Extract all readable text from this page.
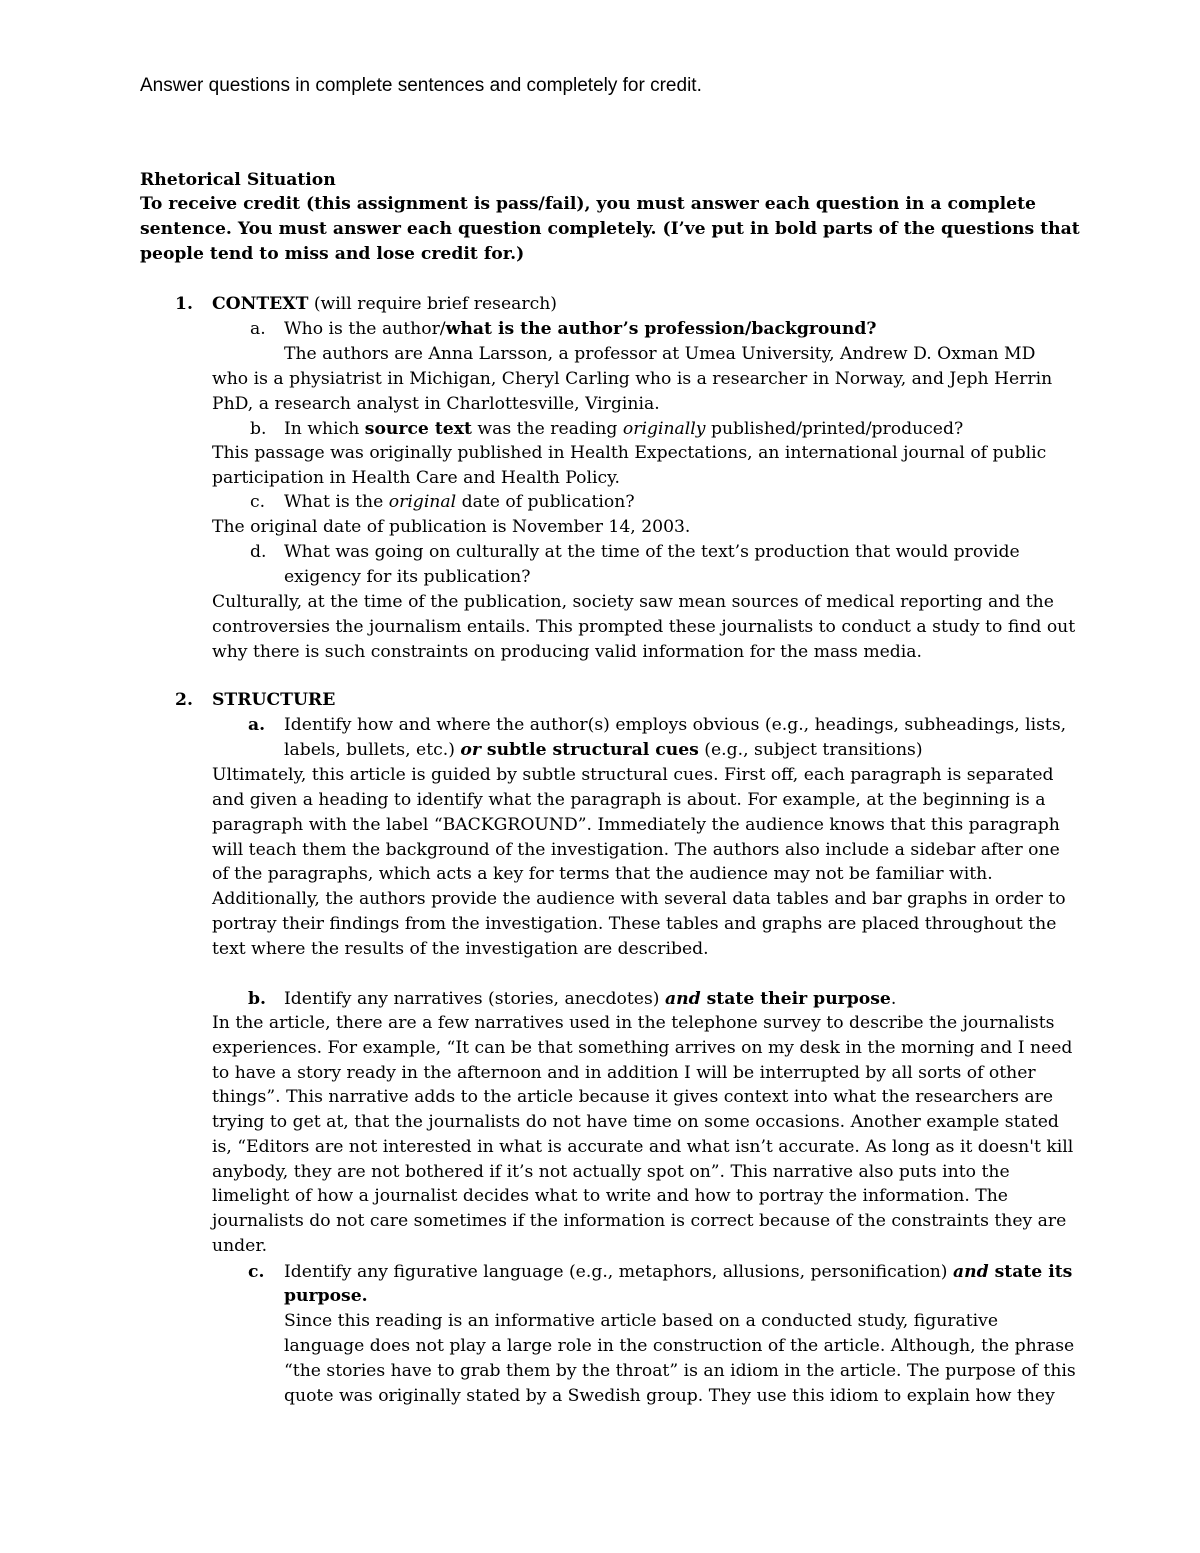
Answer questions in complete sentences and completely for credit.
Rhetorical Situation
To receive credit (this assignment is pass/fail), you must answer each question in a complete
sentence. You must answer each question completely. (I’ve put in bold parts of the questions that
people tend to miss and lose credit for.)
1. CONTEXT (will require brief research)
a. Who is the author/what is the author’s profession/background?
The authors are Anna Larsson, a professor at Umea University, Andrew D. Oxman MD
who is a physiatrist in Michigan, Cheryl Carling who is a researcher in Norway, and Jeph Herrin
PhD, a research analyst in Charlottesville, Virginia.
b. In which source text was the reading originally published/printed/produced?
This passage was originally published in Health Expectations, an international journal of public
participation in Health Care and Health Policy.
c. What is the original date of publication?
The original date of publication is November 14, 2003.
d. What was going on culturally at the time of the text’s production that would provide
exigency for its publication?
Culturally, at the time of the publication, society saw mean sources of medical reporting and the
controversies the journalism entails. This prompted these journalists to conduct a study to find out
why there is such constraints on producing valid information for the mass media.
2. STRUCTURE
a. Identify how and where the author(s) employs obvious (e.g., headings, subheadings, lists,
labels, bullets, etc.) or subtle structural cues (e.g., subject transitions)
Ultimately, this article is guided by subtle structural cues. First off, each paragraph is separated
and given a heading to identify what the paragraph is about. For example, at the beginning is a
paragraph with the label “BACKGROUND”. Immediately the audience knows that this paragraph
will teach them the background of the investigation. The authors also include a sidebar after one
of the paragraphs, which acts a key for terms that the audience may not be familiar with.
Additionally, the authors provide the audience with several data tables and bar graphs in order to
portray their findings from the investigation. These tables and graphs are placed throughout the
text where the results of the investigation are described.
b. Identify any narratives (stories, anecdotes) and state their purpose.
In the article, there are a few narratives used in the telephone survey to describe the journalists
experiences. For example, “It can be that something arrives on my desk in the morning and I need
to have a story ready in the afternoon and in addition I will be interrupted by all sorts of other
things”. This narrative adds to the article because it gives context into what the researchers are
trying to get at, that the journalists do not have time on some occasions. Another example stated
is, “Editors are not interested in what is accurate and what isn’t accurate. As long as it doesn't kill
anybody, they are not bothered if it’s not actually spot on”. This narrative also puts into the
limelight of how a journalist decides what to write and how to portray the information. The
journalists do not care sometimes if the information is correct because of the constraints they are
under.
c. Identify any figurative language (e.g., metaphors, allusions, personification) and state its
purpose.
Since this reading is an informative article based on a conducted study, figurative
language does not play a large role in the construction of the article. Although, the phrase
“the stories have to grab them by the throat” is an idiom in the article. The purpose of this
quote was originally stated by a Swedish group. They use this idiom to explain how they
